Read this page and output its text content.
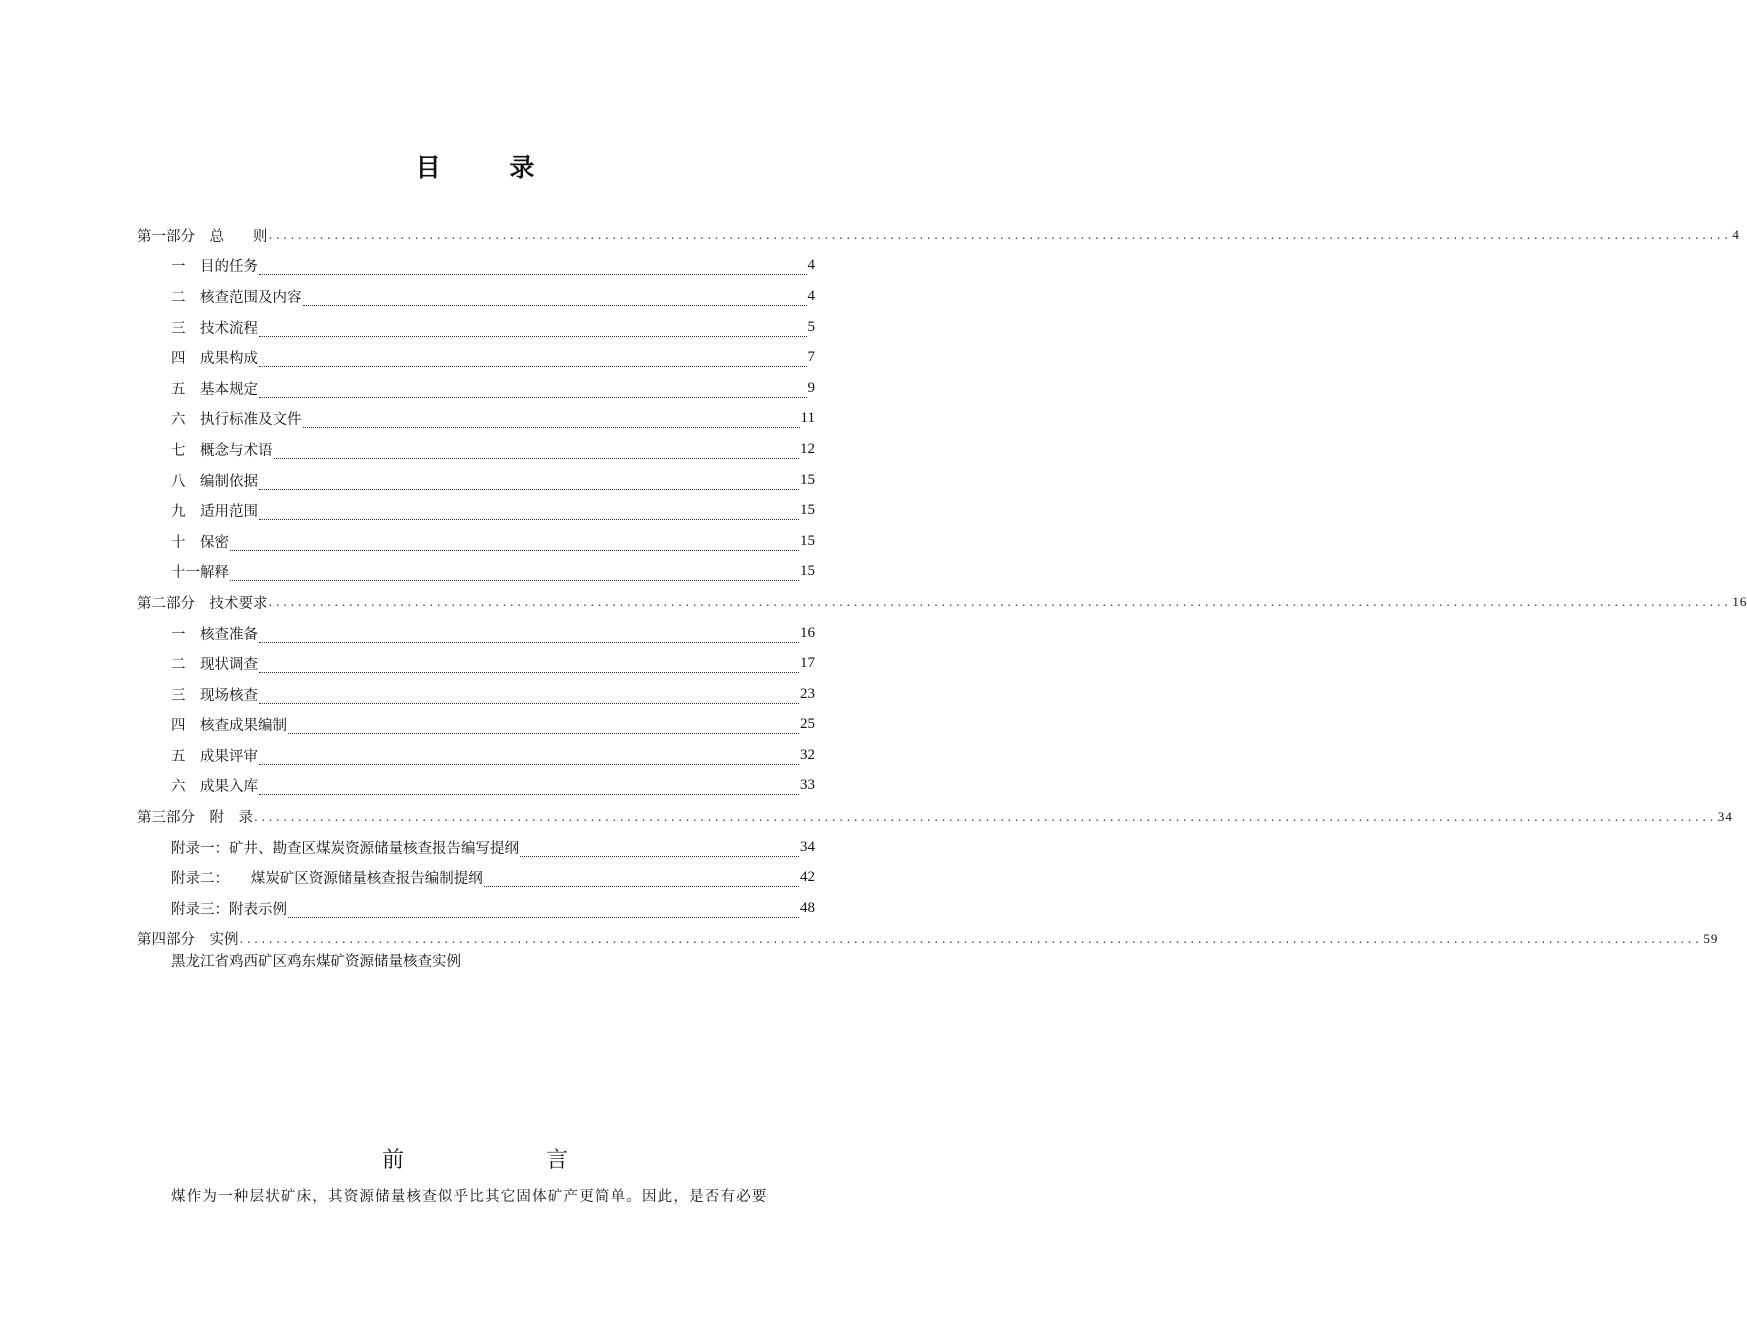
目 录
第一部分　总　　则 ........................................................................................................................................................................................................ 4
一　目的任务	4
二　核查范围及内容	4
三　技术流程	5
四　成果构成	7
五　基本规定	9
六　执行标准及文件	11
七　概念与术语	12
八　编制依据	15
九　适用范围	15
十　保密	15
十一解释	15
第二部分　技术要求 ........................................................................................................................................................................................................ 16
一　核查准备	16
二　现状调查	17
三　现场核查	23
四　核查成果编制	25
五　成果评审	32
六　成果入库	33
第三部分　附　录 ........................................................................................................................................................................................................ 34
附录一：矿井、勘查区煤炭资源储量核查报告编写提纲	34
附录二：　　煤炭矿区资源储量核查报告编制提纲	42
附录三：附表示例	48
第四部分　实例 ........................................................................................................................................................................................................ 59
黑龙江省鸡西矿区鸡东煤矿资源储量核查实例
前　言
煤作为一种层状矿床，其资源储量核查似乎比其它固体矿产更简单。因此，是否有必要
